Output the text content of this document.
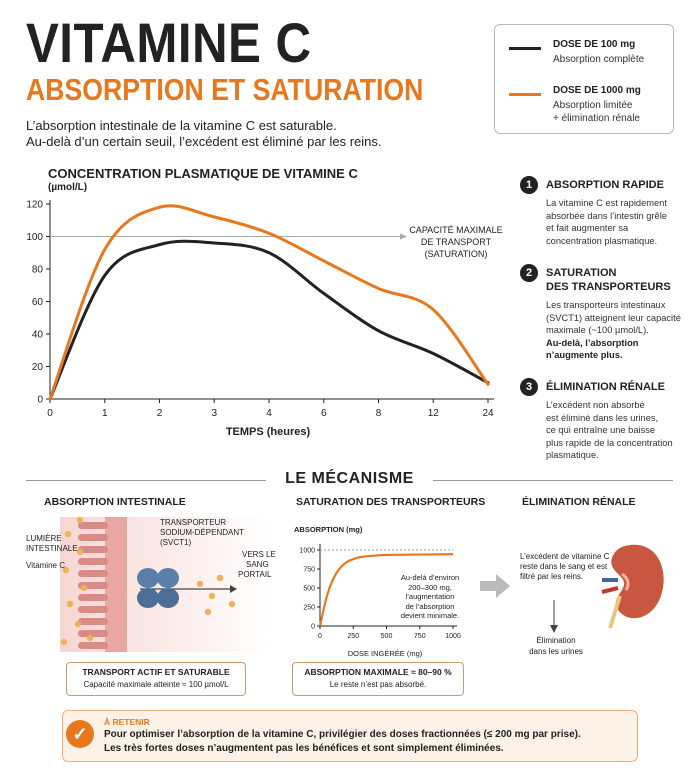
VITAMINE C
ABSORPTION ET SATURATION
L’absorption intestinale de la vitamine C est saturable.
Au-delà d’un certain seuil, l’excédent est éliminé par les reins.
DOSE DE 100 mg
Absorption complète
DOSE DE 1000 mg
Absorption limitée
+ élimination rénale
CONCENTRATION PLASMATIQUE DE VITAMINE C
(µmol/L)
0
20
40
60
80
100
120
0	1	2	3	4	6	8	12	24
CAPACITÉ MAXIMALE
DE TRANSPORT
(SATURATION)
TEMPS (heures)
1	ABSORPTION RAPIDE
La vitamine C est rapidement
absorbée dans l’intestin grêle
et fait augmenter sa
concentration plasmatique.
2	SATURATION
DES TRANSPORTEURS
Les transporteurs intestinaux
(SVCT1) atteignent leur capacité
maximale (~100 µmol/L).
Au-delà, l’absorption
n’augmente plus.
3	ÉLIMINATION RÉNALE
L’excédent non absorbé
est éliminé dans les urines,
ce qui entraîne une baisse
plus rapide de la concentration
plasmatique.
LE MÉCANISME
ABSORPTION INTESTINALE
LUMIÈRE
INTESTINALE
Vitamine C
TRANSPORTEUR
SODIUM-DÉPENDANT
(SVCT1)
VERS LE
SANG
PORTAIL
TRANSPORT ACTIF ET SATURABLE
Capacité maximale atteinte ≈ 100 µmol/L
SATURATION DES TRANSPORTEURS
ABSORPTION (mg)
0
250
500
750
1000
0	250	500	750	1000
DOSE INGÉRÉE (mg)
Au-delà d’environ
200–300 mg,
l’augmentation
de l’absorption
devient minimale.
ABSORPTION MAXIMALE ≈ 80–90 %
Le reste n’est pas absorbé.
ÉLIMINATION RÉNALE
L’excédent de vitamine C
reste dans le sang et est
filtré par les reins.
Élimination
dans les urines
✓
À RETENIR
Pour optimiser l’absorption de la vitamine C, privilégier des doses fractionnées (≤ 200 mg par prise).
Les très fortes doses n’augmentent pas les bénéfices et sont simplement éliminées.
